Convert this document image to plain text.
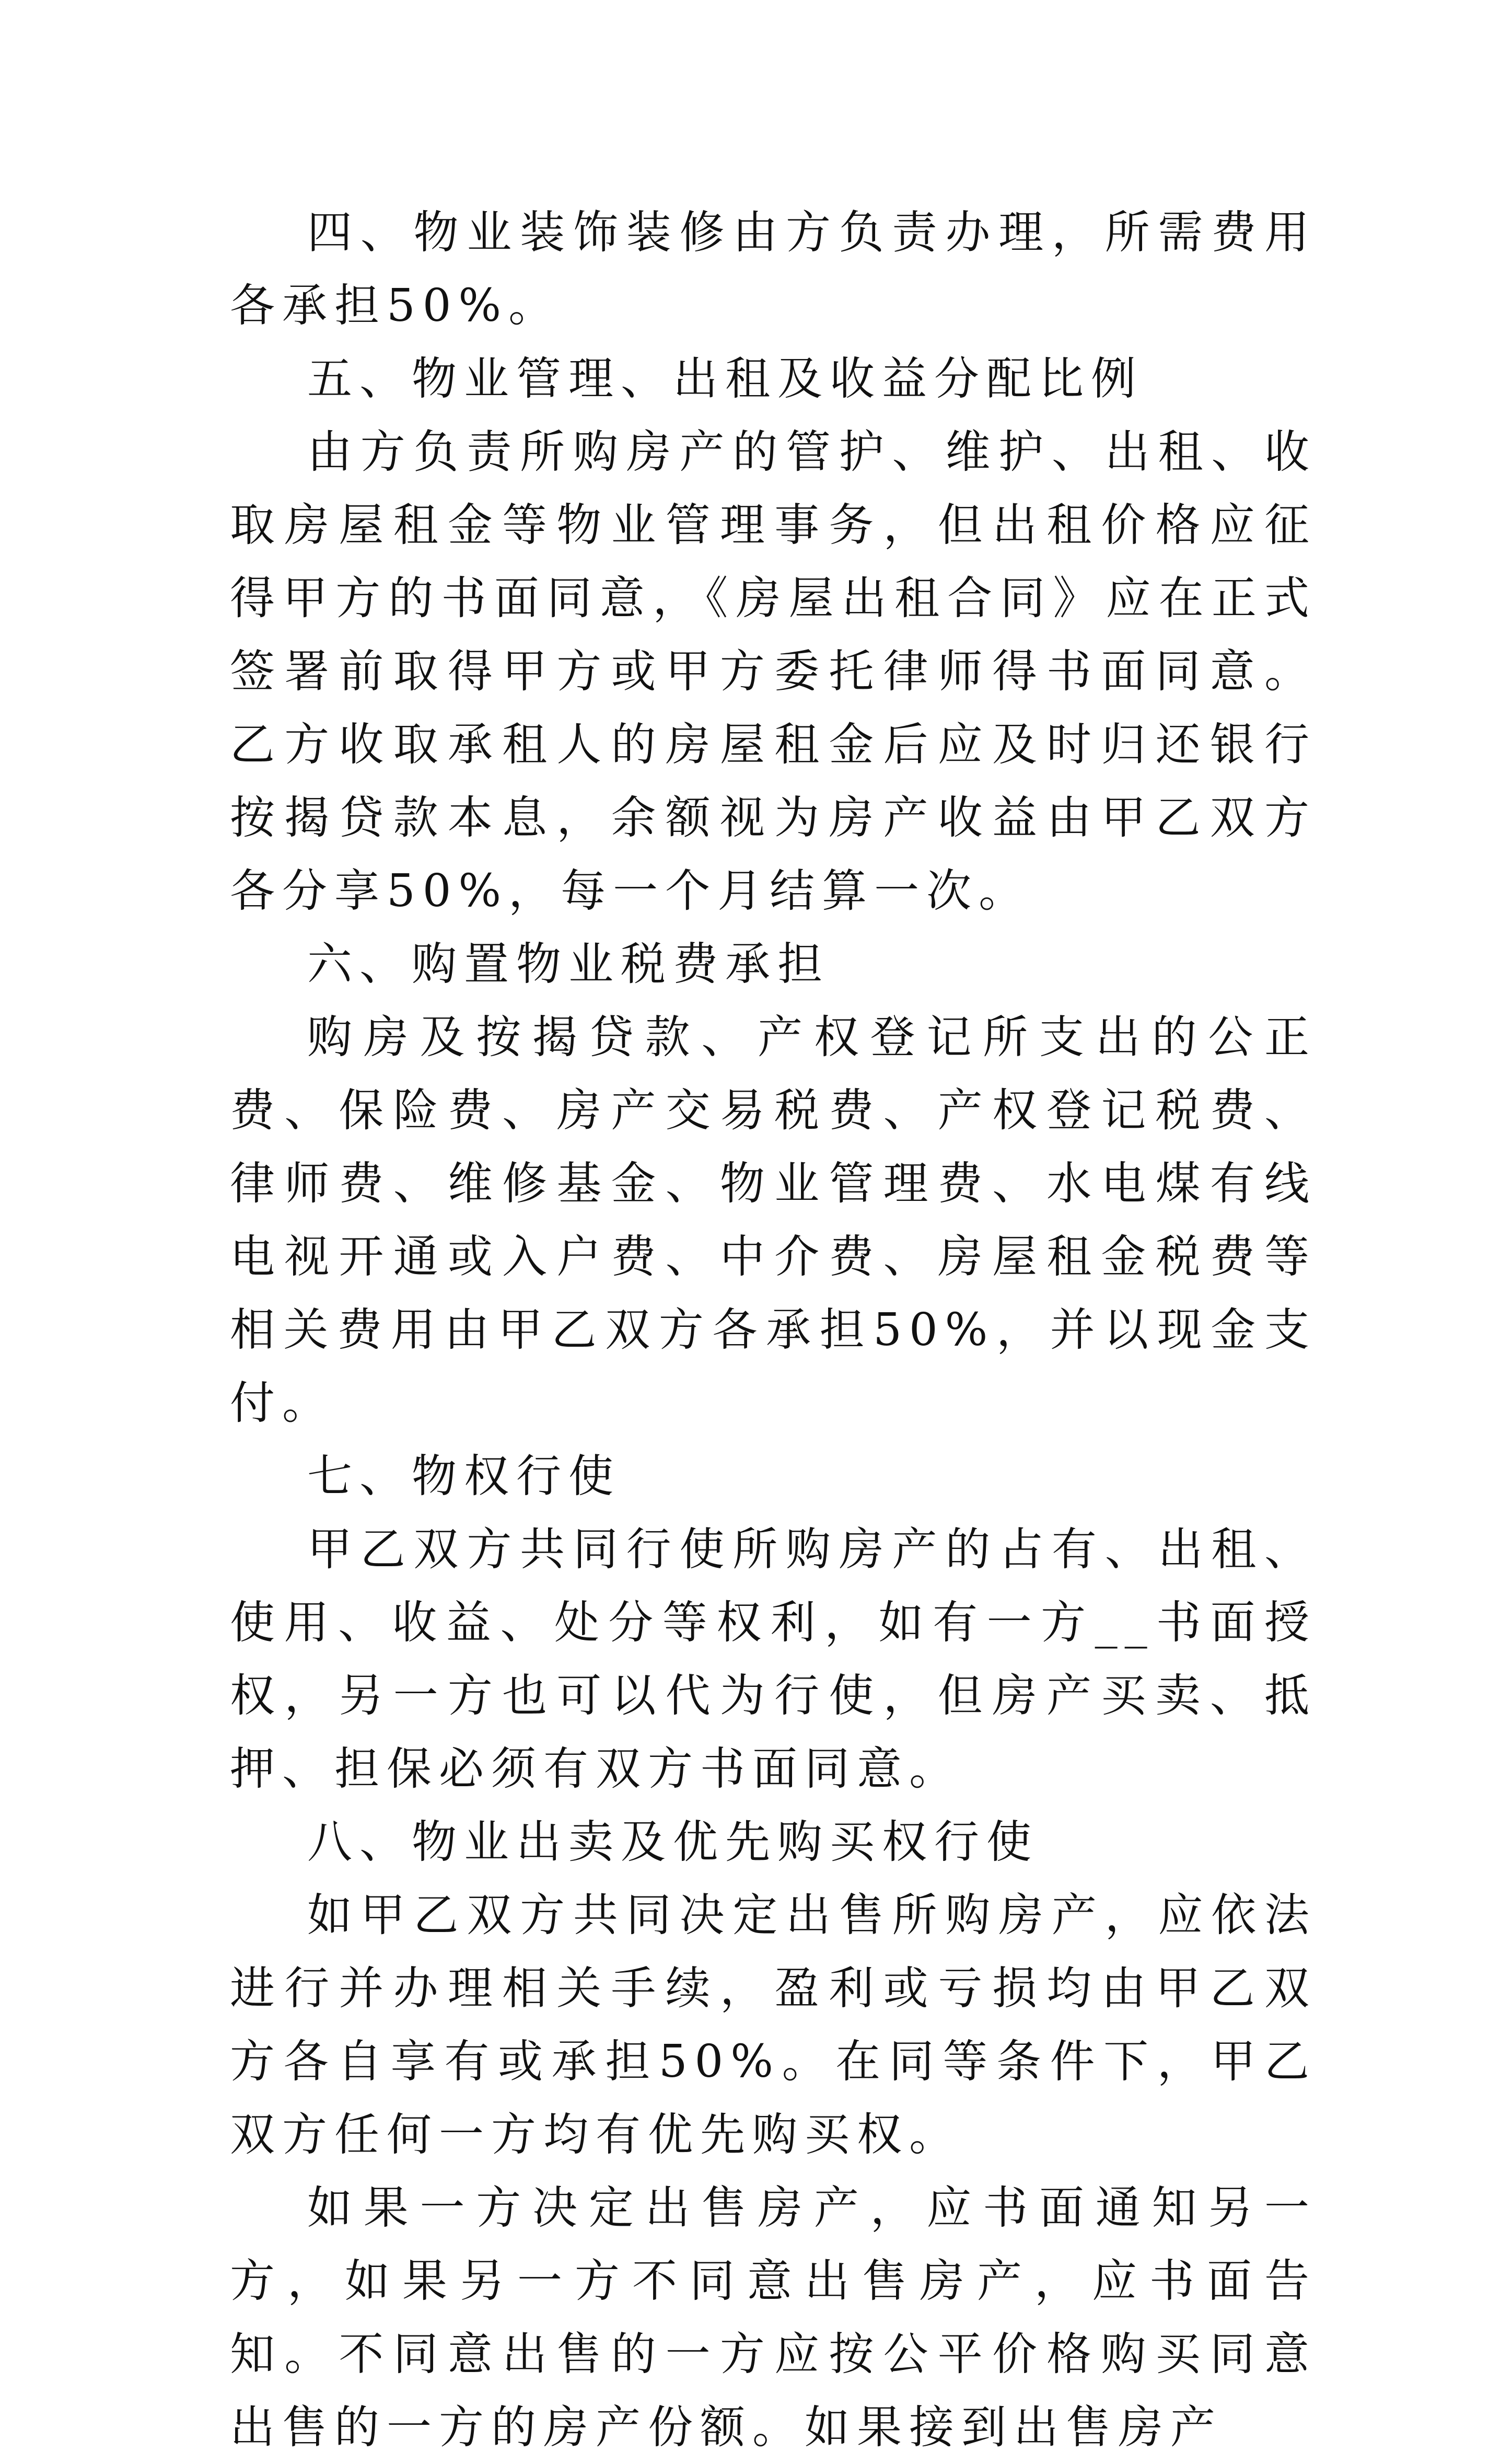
四、物业装饰装修由方负责办理，所需费用各承担50%。

五、物业管理、出租及收益分配比例

由方负责所购房产的管护、维护、出租、收取房屋租金等物业管理事务，但出租价格应征得甲方的书面同意，《房屋出租合同》应在正式签署前取得甲方或甲方委托律师得书面同意。乙方收取承租人的房屋租金后应及时归还银行按揭贷款本息，余额视为房产收益由甲乙双方各分享50%，每一个月结算一次。

六、购置物业税费承担

购房及按揭贷款、产权登记所支出的公正费、保险费、房产交易税费、产权登记税费、律师费、维修基金、物业管理费、水电煤有线电视开通或入户费、中介费、房屋租金税费等相关费用由甲乙双方各承担50%，并以现金支付。

七、物权行使

甲乙双方共同行使所购房产的占有、出租、使用、收益、处分等权利，如有一方__书面授权，另一方也可以代为行使，但房产买卖、抵押、担保必须有双方书面同意。

八、物业出卖及优先购买权行使

如甲乙双方共同决定出售所购房产，应依法进行并办理相关手续，盈利或亏损均由甲乙双方各自享有或承担50%。在同等条件下，甲乙双方任何一方均有优先购买权。

如果一方决定出售房产，应书面通知另一方，如果另一方不同意出售房产，应书面告知。不同意出售的一方应按公平价格购买同意出售的一方的房产份额。如果接到出售房产
